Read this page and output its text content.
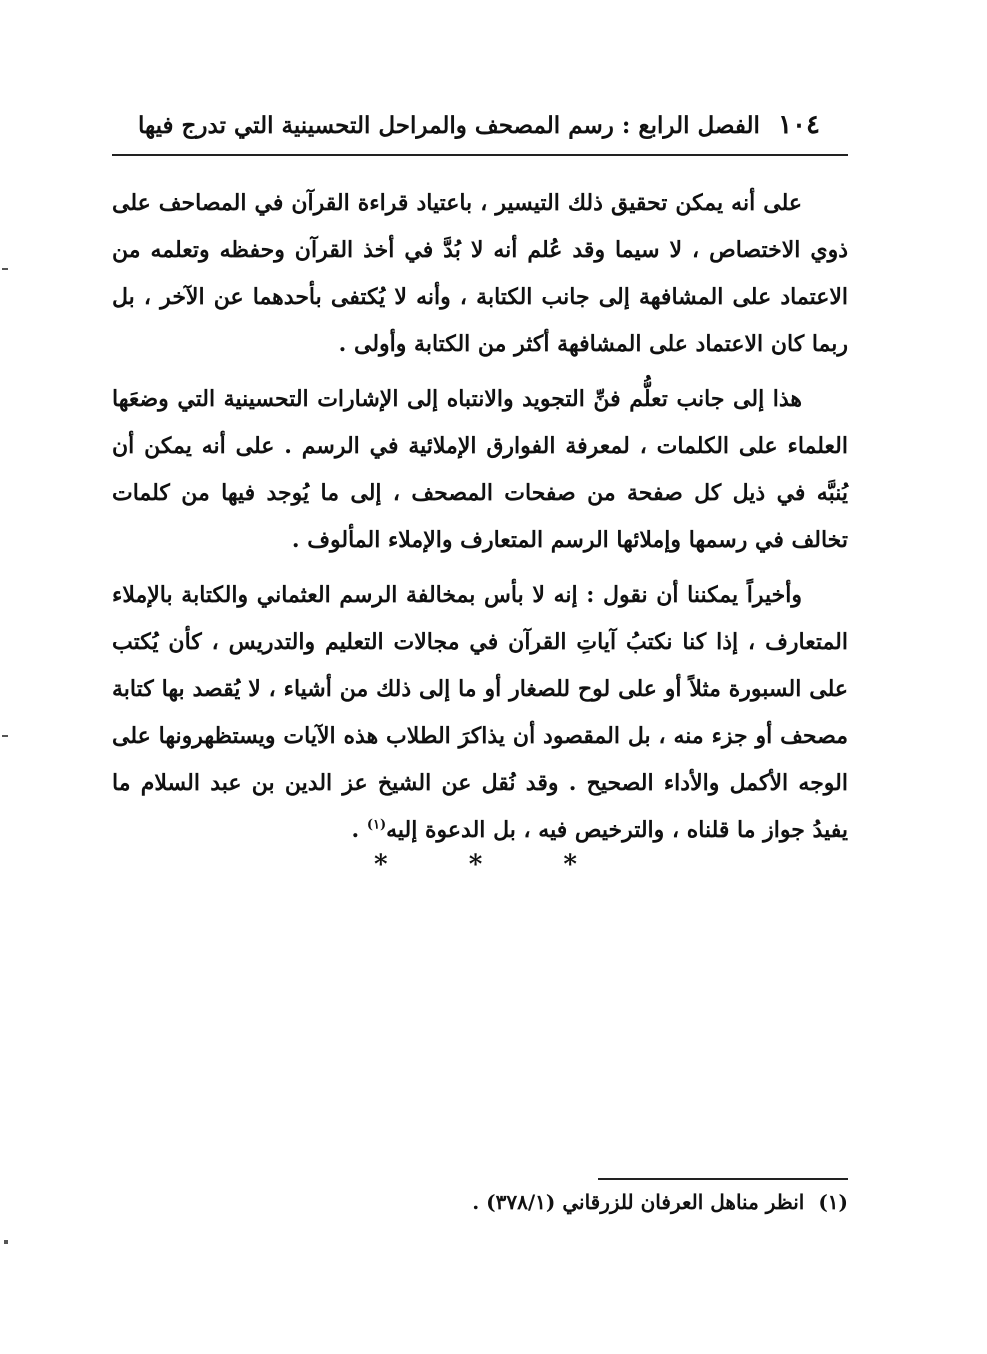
١٠٤
الفصل الرابع : رسم المصحف والمراحل التحسينية التي تدرج فيها

على أنه يمكن تحقيق ذلك التيسير ، باعتياد قراءة القرآن في المصاحف على ذوي الاختصاص ، لا سيما وقد عُلم أنه لا بُدَّ في أخذ القرآن وحفظه وتعلمه من الاعتماد على المشافهة إلى جانب الكتابة ، وأنه لا يُكتفى بأحدهما عن الآخر ، بل ربما كان الاعتماد على المشافهة أكثر من الكتابة وأولى .

هذا إلى جانب تعلُّم فنِّ التجويد والانتباه إلى الإشارات التحسينية التي وضعَها العلماء على الكلمات ، لمعرفة الفوارق الإملائية في الرسم . على أنه يمكن أن يُنبَّه في ذيل كل صفحة من صفحات المصحف ، إلى ما يُوجد فيها من كلمات تخالف في رسمها وإملائها الرسم المتعارف والإملاء المألوف .

وأخيراً يمكننا أن نقول : إنه لا بأس بمخالفة الرسم العثماني والكتابة بالإملاء المتعارف ، إذا كنا نكتبُ آياتِ القرآن في مجالات التعليم والتدريس ، كأن يُكتب على السبورة مثلاً أو على لوح للصغار أو ما إلى ذلك من أشياء ، لا يُقصد بها كتابة مصحف أو جزء منه ، بل المقصود أن يذاكرَ الطلاب هذه الآيات ويستظهرونها على الوجه الأكمل والأداء الصحيح . وقد نُقل عن الشيخ عز الدين بن عبد السلام ما يفيدُ جواز ما قلناه ، والترخيص فيه ، بل الدعوة إليه$^{(١)}$ .

* * *
(١)انظر مناهل العرفان للزرقاني (٣٧٨/١) .
